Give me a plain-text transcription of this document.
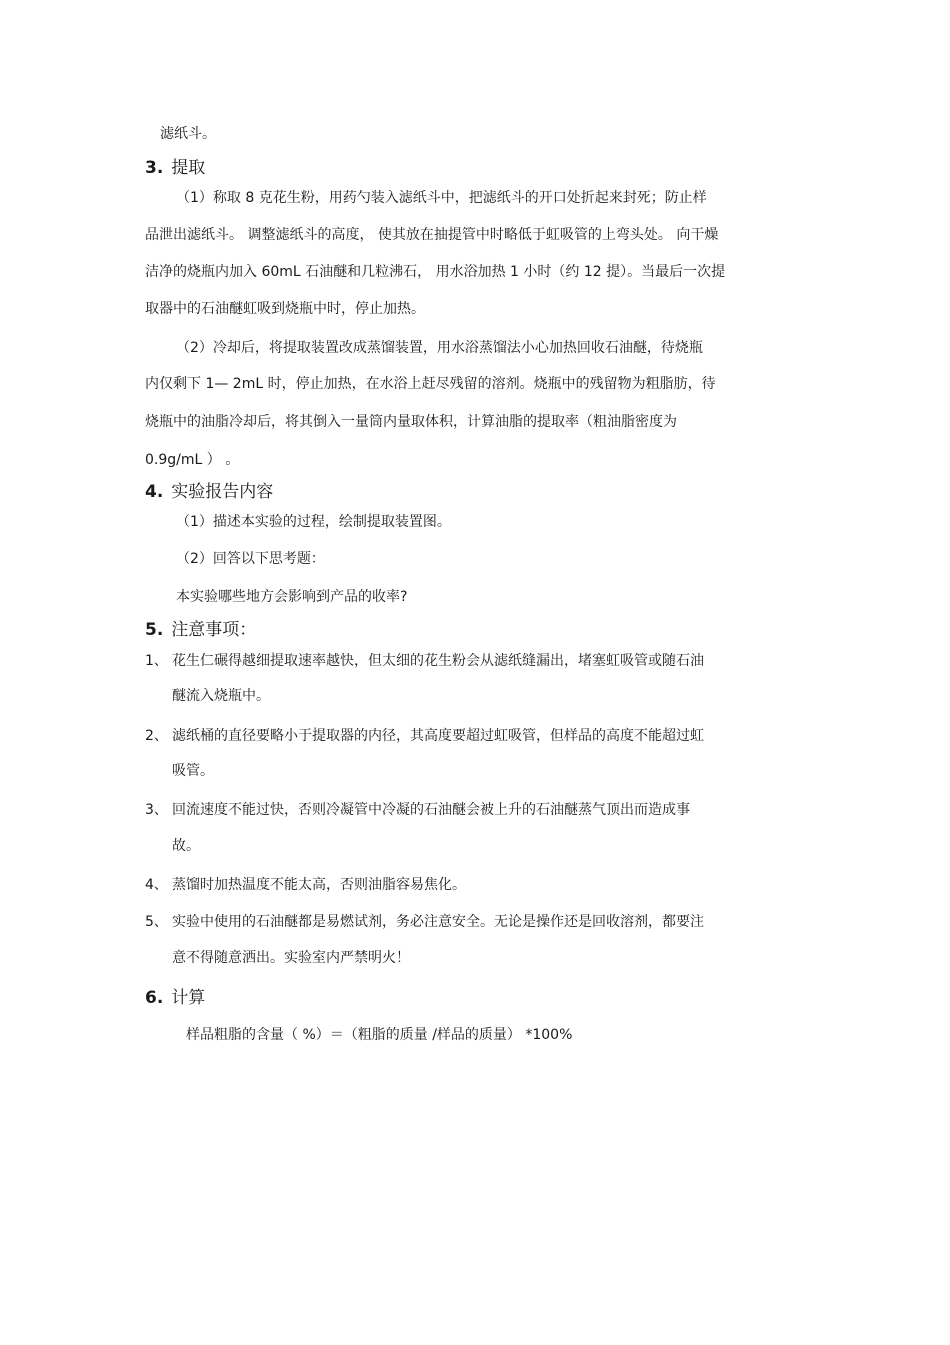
滤纸斗。
3. 提取
（1）称取 8 克花生粉，用药勺装入滤纸斗中，把滤纸斗的开口处折起来封死；防止样
品泄出滤纸斗。 调整滤纸斗的高度， 使其放在抽提管中时略低于虹吸管的上弯头处。 向干燥
洁净的烧瓶内加入 60mL 石油醚和几粒沸石， 用水浴加热 1 小时（约 12 提）。当最后一次提
取器中的石油醚虹吸到烧瓶中时，停止加热。
（2）冷却后，将提取装置改成蒸馏装置，用水浴蒸馏法小心加热回收石油醚，待烧瓶
内仅剩下 1— 2mL 时，停止加热，在水浴上赶尽残留的溶剂。烧瓶中的残留物为粗脂肪，待
烧瓶中的油脂冷却后，将其倒入一量筒内量取体积，计算油脂的提取率（粗油脂密度为
0.9g/mL ） 。
4. 实验报告内容
（1）描述本实验的过程，绘制提取装置图。
（2）回答以下思考题：
本实验哪些地方会影响到产品的收率?
5. 注意事项：
1、 花生仁碾得越细提取速率越快，但太细的花生粉会从滤纸缝漏出，堵塞虹吸管或随石油
醚流入烧瓶中。
2、 滤纸桶的直径要略小于提取器的内径，其高度要超过虹吸管，但样品的高度不能超过虹
吸管。
3、 回流速度不能过快，否则冷凝管中冷凝的石油醚会被上升的石油醚蒸气顶出而造成事
故。
4、 蒸馏时加热温度不能太高，否则油脂容易焦化。
5、 实验中使用的石油醚都是易燃试剂，务必注意安全。无论是操作还是回收溶剂，都要注
意不得随意洒出。实验室内严禁明火！
6. 计算
样品粗脂的含量（ %）＝（粗脂的质量 /样品的质量） *100%
